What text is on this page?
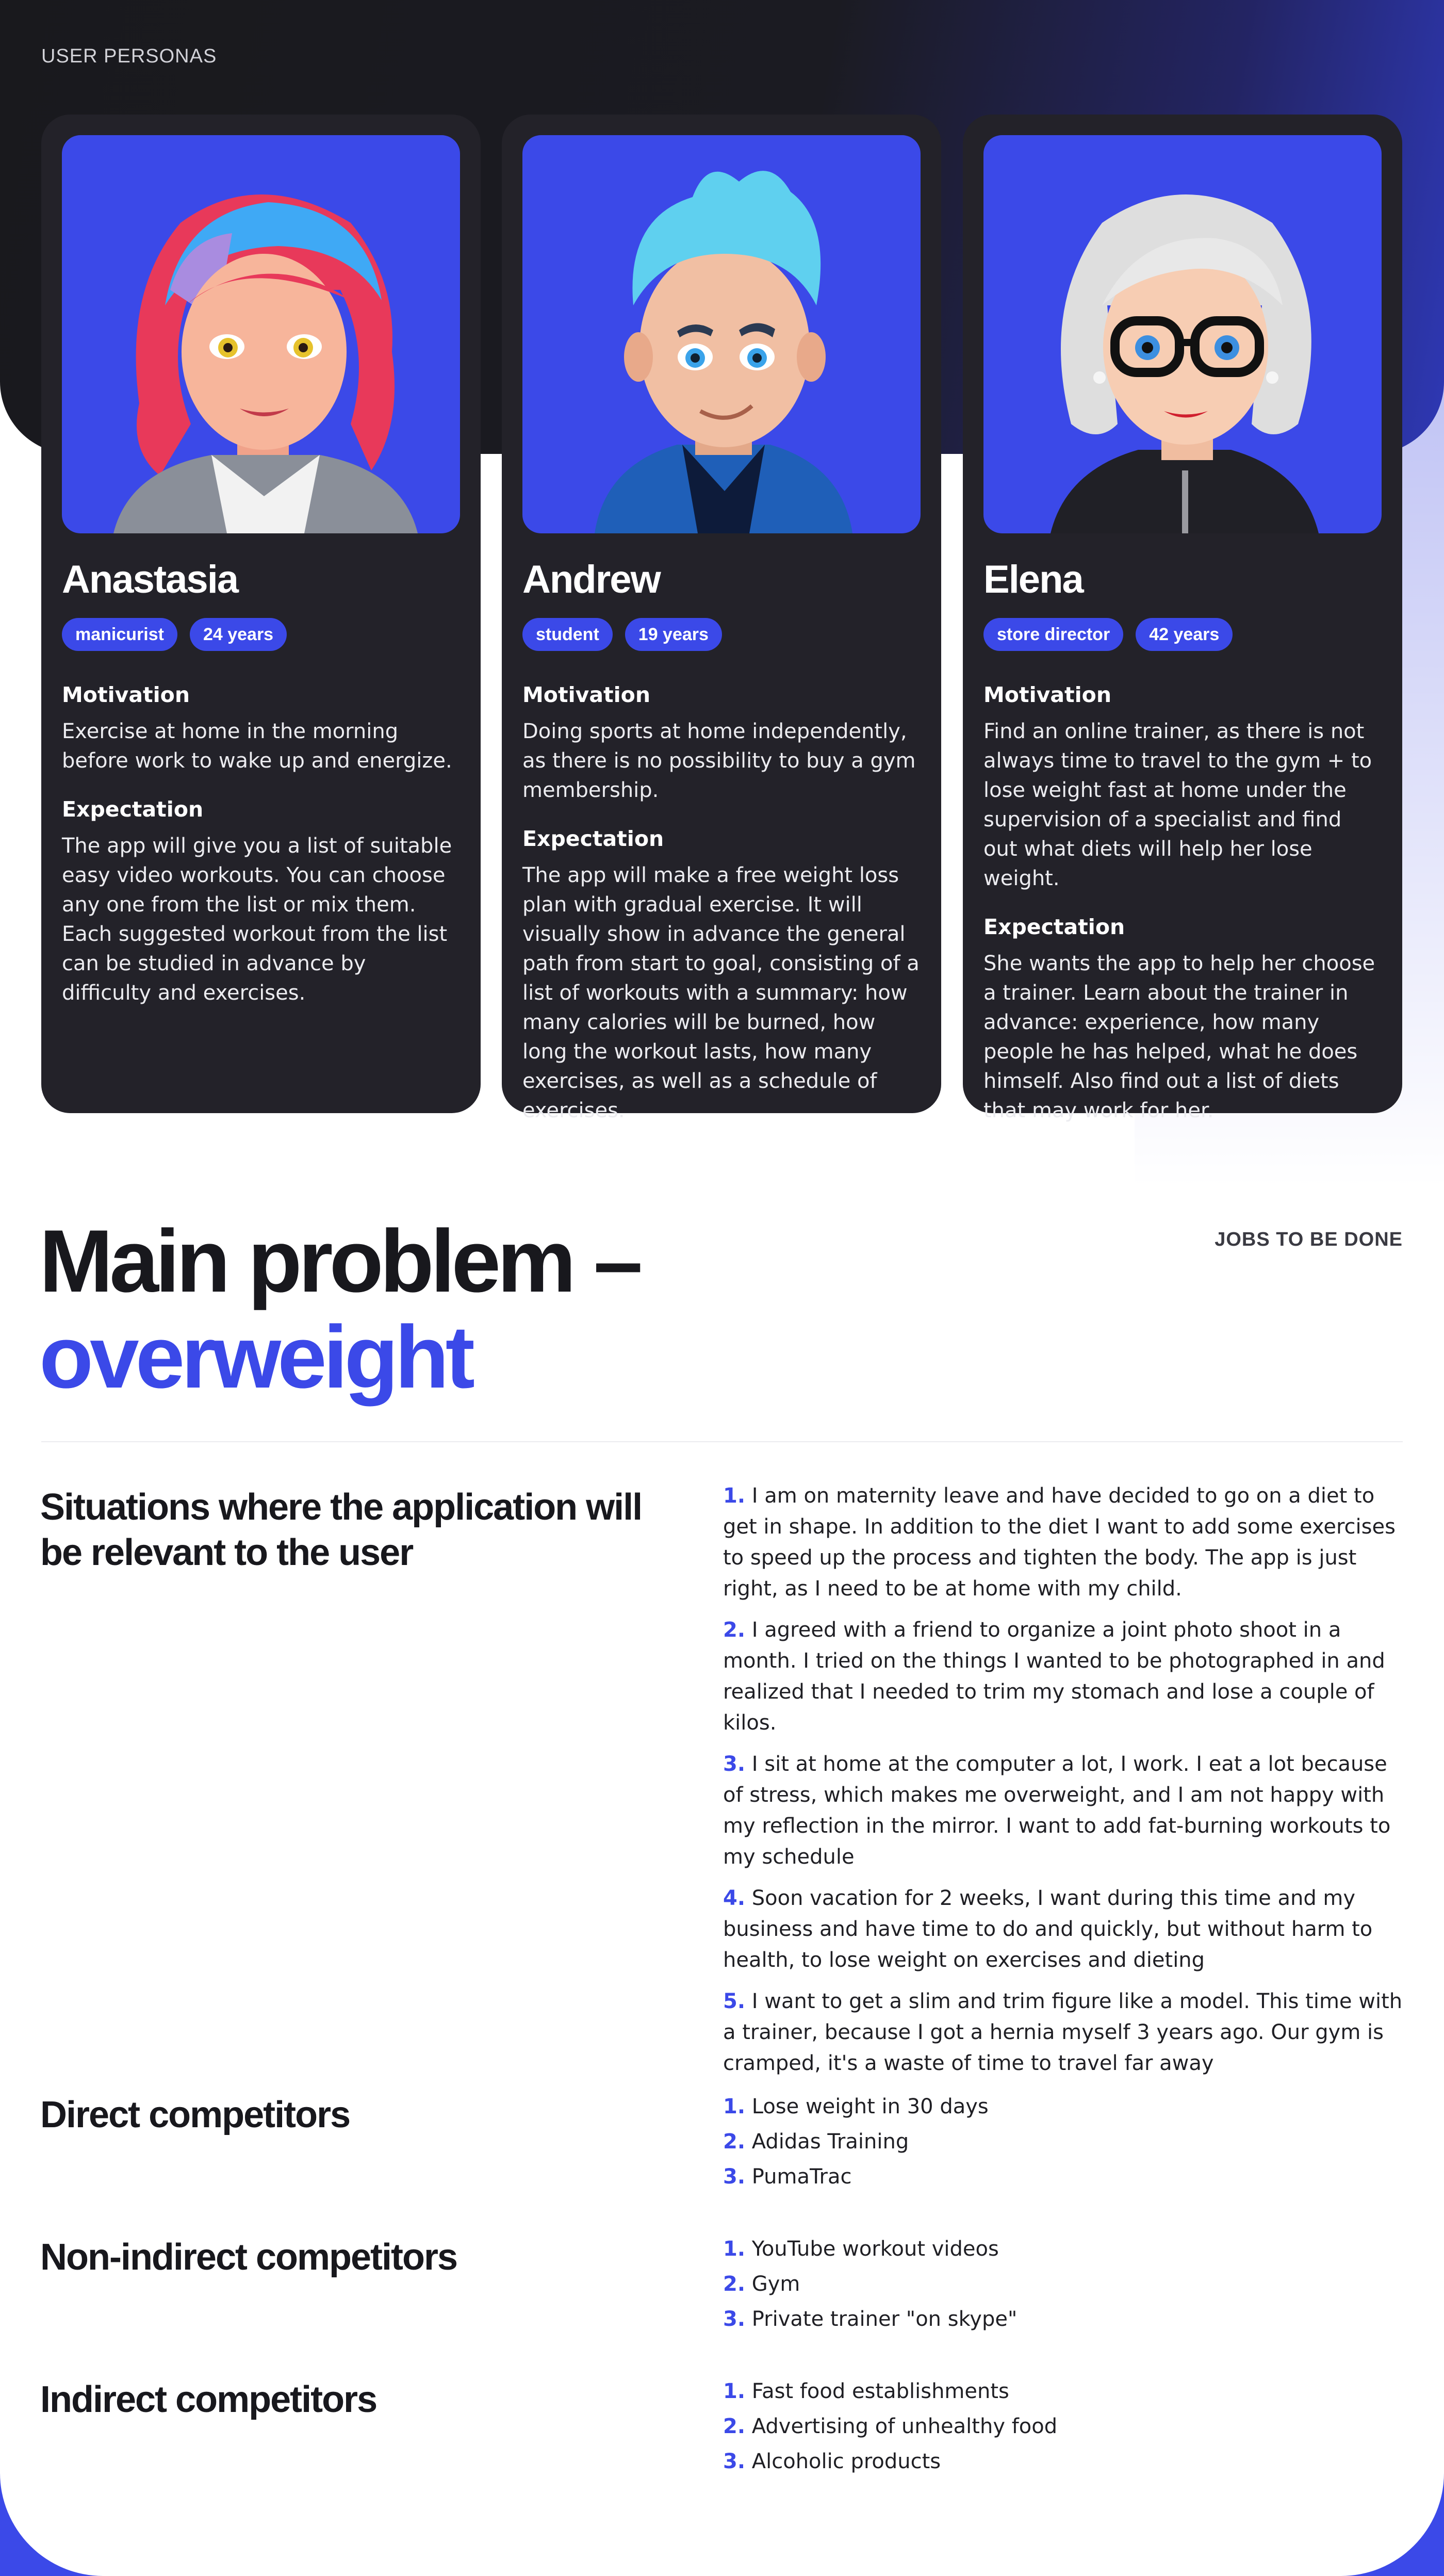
USER PERSONAS
Anastasia
manicurist	24 years
Motivation
Exercise at home in the morning before work to wake up and energize.
Expectation
The app will give you a list of suitable easy video workouts. You can choose any one from the list or mix them. Each suggested workout from the list can be studied in advance by difficulty and exercises.
Andrew
student	19 years
Motivation
Doing sports at home independently, as there is no possibility to buy a gym membership.
Expectation
The app will make a free weight loss plan with gradual exercise. It will visually show in advance the general path from start to goal, consisting of a list of workouts with a summary: how many calories will be burned, how long the workout lasts, how many exercises, as well as a schedule of exercises.
Elena
store director	42 years
Motivation
Find an online trainer, as there is not always time to travel to the gym + to lose weight fast at home under the supervision of a specialist and find out what diets will help her lose weight.
Expectation
She wants the app to help her choose a trainer. Learn about the trainer in advance: experience, how many people he has helped, what he does himself. Also find out a list of diets that may work for her.
JOBS TO BE DONE
Main problem –
overweight
Situations where the application will be relevant to the user
1. I am on maternity leave and have decided to go on a diet to get in shape. In addition to the diet I want to add some exercises to speed up the process and tighten the body. The app is just right, as I need to be at home with my child.
2. I agreed with a friend to organize a joint photo shoot in a month. I tried on the things I wanted to be photographed in and realized that I needed to trim my stomach and lose a couple of kilos.
3. I sit at home at the computer a lot, I work. I eat a lot because of stress, which makes me overweight, and I am not happy with my reflection in the mirror. I want to add fat-burning workouts to my schedule
4. Soon vacation for 2 weeks, I want during this time and my business and have time to do and quickly, but without harm to health, to lose weight on exercises and dieting
5. I want to get a slim and trim figure like a model. This time with a trainer, because I got a hernia myself 3 years ago. Our gym is cramped, it's a waste of time to travel far away
Direct competitors	1. Lose weight in 30 days
2. Adidas Training
3. PumaTrac
Non-indirect competitors	1. YouTube workout videos
2. Gym
3. Private trainer "on skype"
Indirect competitors	1. Fast food establishments
2. Advertising of unhealthy food
3. Alcoholic products
